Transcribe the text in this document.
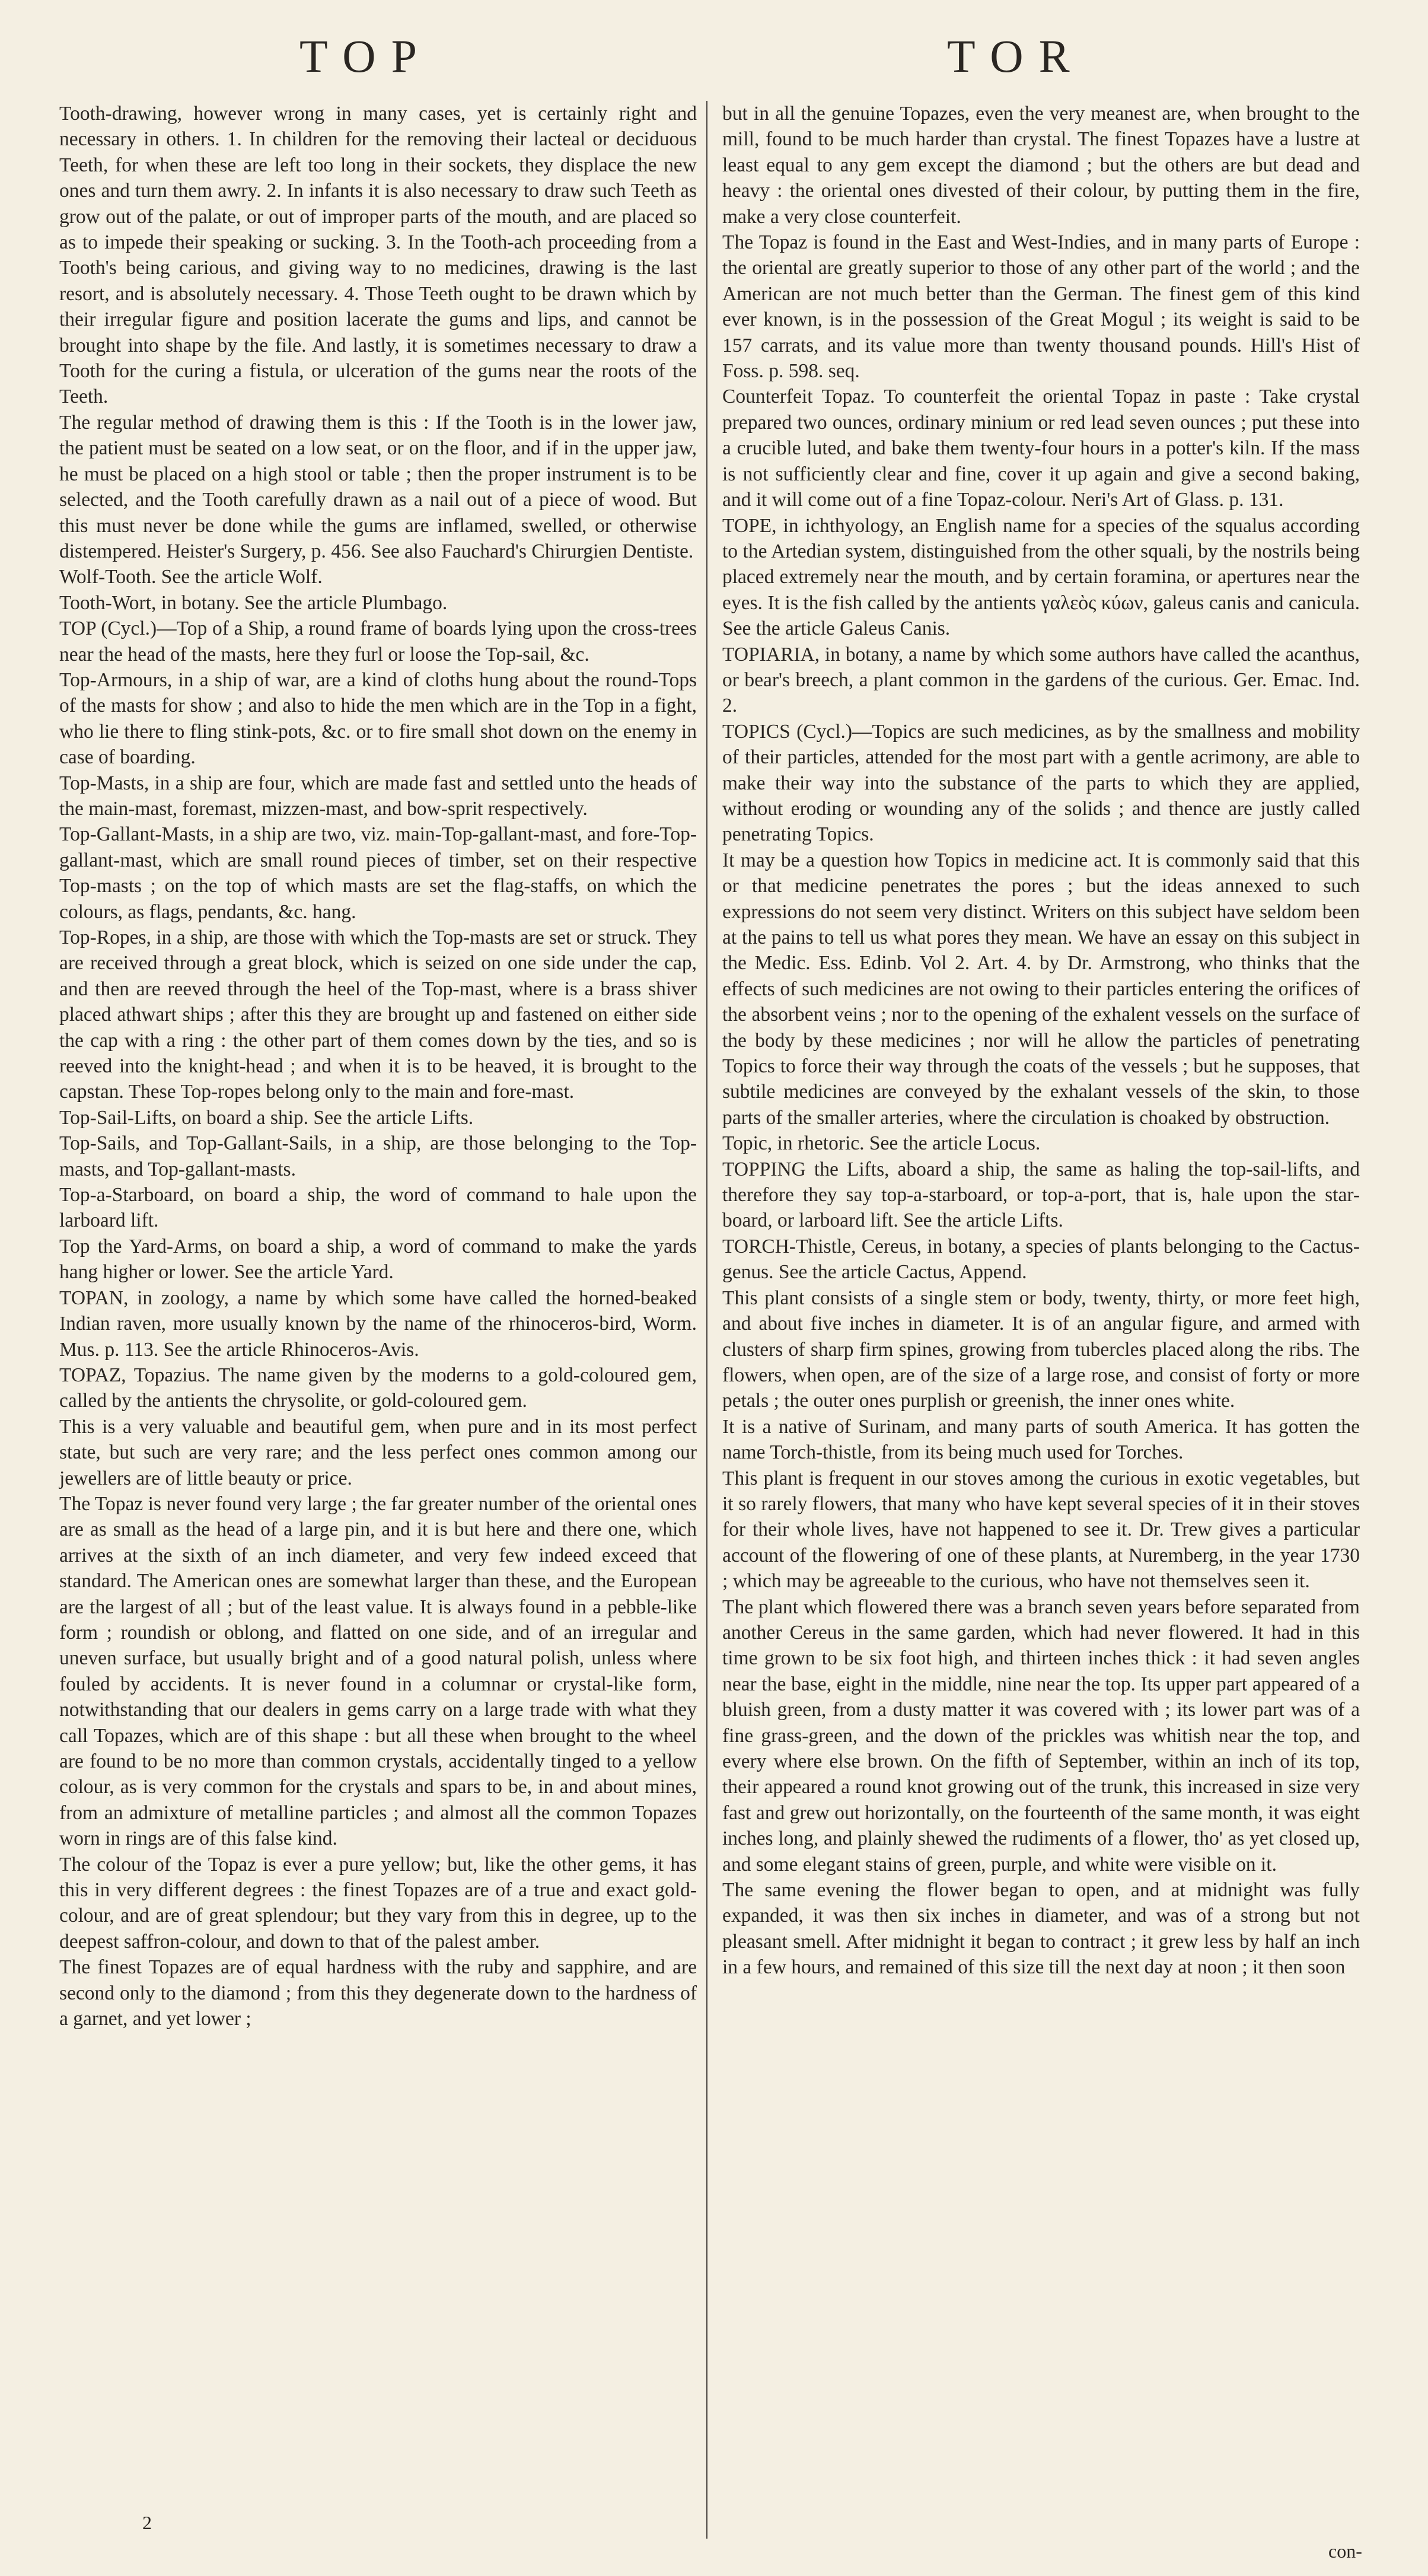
TOP	TOR

Tooth-drawing, however wrong in many cases, yet is certainly right and necessary in others. 1. In children for the removing their lacteal or deciduous Teeth, for when these are left too long in their sockets, they displace the new ones and turn them awry. 2. In infants it is also necessary to draw such Teeth as grow out of the palate, or out of improper parts of the mouth, and are placed so as to impede their speaking or sucking. 3. In the Tooth-ach proceeding from a Tooth's being carious, and giving way to no medicines, drawing is the last resort, and is absolutely necessary. 4. Those Teeth ought to be drawn which by their irregular figure and position lacerate the gums and lips, and cannot be brought into shape by the file. And lastly, it is sometimes necessary to draw a Tooth for the curing a fistula, or ulceration of the gums near the roots of the Teeth.

The regular method of drawing them is this : If the Tooth is in the lower jaw, the patient must be seated on a low seat, or on the floor, and if in the upper jaw, he must be placed on a high stool or table ; then the proper instrument is to be selected, and the Tooth carefully drawn as a nail out of a piece of wood. But this must never be done while the gums are inflamed, swelled, or otherwise distempered. Heister's Surgery, p. 456. See also Fauchard's Chirurgien Dentiste.

Wolf-Tooth. See the article Wolf.

Tooth-Wort, in botany. See the article Plumbago.

TOP (Cycl.)—Top of a Ship, a round frame of boards lying upon the cross-trees near the head of the masts, here they furl or loose the Top-sail, &c.

Top-Armours, in a ship of war, are a kind of cloths hung about the round-Tops of the masts for show ; and also to hide the men which are in the Top in a fight, who lie there to fling stink-pots, &c. or to fire small shot down on the enemy in case of boarding.

Top-Masts, in a ship are four, which are made fast and settled unto the heads of the main-mast, foremast, mizzen-mast, and bow-sprit respectively.

Top-Gallant-Masts, in a ship are two, viz. main-Top-gallant-mast, and fore-Top-gallant-mast, which are small round pieces of timber, set on their respective Top-masts ; on the top of which masts are set the flag-staffs, on which the colours, as flags, pendants, &c. hang.

Top-Ropes, in a ship, are those with which the Top-masts are set or struck. They are received through a great block, which is seized on one side under the cap, and then are reeved through the heel of the Top-mast, where is a brass shiver placed athwart ships ; after this they are brought up and fastened on either side the cap with a ring : the other part of them comes down by the ties, and so is reeved into the knight-head ; and when it is to be heaved, it is brought to the capstan. These Top-ropes belong only to the main and fore-mast.

Top-Sail-Lifts, on board a ship. See the article Lifts.

Top-Sails, and Top-Gallant-Sails, in a ship, are those belonging to the Top-masts, and Top-gallant-masts.

Top-a-Starboard, on board a ship, the word of command to hale upon the larboard lift.

Top the Yard-Arms, on board a ship, a word of command to make the yards hang higher or lower. See the article Yard.

TOPAN, in zoology, a name by which some have called the horned-beaked Indian raven, more usually known by the name of the rhinoceros-bird, Worm. Mus. p. 113. See the article Rhinoceros-Avis.

TOPAZ, Topazius. The name given by the moderns to a gold-coloured gem, called by the antients the chrysolite, or gold-coloured gem.

This is a very valuable and beautiful gem, when pure and in its most perfect state, but such are very rare; and the less perfect ones common among our jewellers are of little beauty or price.

The Topaz is never found very large ; the far greater number of the oriental ones are as small as the head of a large pin, and it is but here and there one, which arrives at the sixth of an inch diameter, and very few indeed exceed that standard. The American ones are somewhat larger than these, and the European are the largest of all ; but of the least value. It is always found in a pebble-like form ; roundish or oblong, and flatted on one side, and of an irregular and uneven surface, but usually bright and of a good natural polish, unless where fouled by accidents. It is never found in a columnar or crystal-like form, notwithstanding that our dealers in gems carry on a large trade with what they call Topazes, which are of this shape : but all these when brought to the wheel are found to be no more than common crystals, accidentally tinged to a yellow colour, as is very common for the crystals and spars to be, in and about mines, from an admixture of metalline particles ; and almost all the common Topazes worn in rings are of this false kind.

The colour of the Topaz is ever a pure yellow; but, like the other gems, it has this in very different degrees : the finest Topazes are of a true and exact gold-colour, and are of great splendour; but they vary from this in degree, up to the deepest saffron-colour, and down to that of the palest amber.

The finest Topazes are of equal hardness with the ruby and sapphire, and are second only to the diamond ; from this they degenerate down to the hardness of a garnet, and yet lower ;

but in all the genuine Topazes, even the very meanest are, when brought to the mill, found to be much harder than crystal. The finest Topazes have a lustre at least equal to any gem except the diamond ; but the others are but dead and heavy : the oriental ones divested of their colour, by putting them in the fire, make a very close counterfeit.

The Topaz is found in the East and West-Indies, and in many parts of Europe : the oriental are greatly superior to those of any other part of the world ; and the American are not much better than the German. The finest gem of this kind ever known, is in the possession of the Great Mogul ; its weight is said to be 157 carrats, and its value more than twenty thousand pounds. Hill's Hist of Foss. p. 598. seq.

Counterfeit Topaz. To counterfeit the oriental Topaz in paste : Take crystal prepared two ounces, ordinary minium or red lead seven ounces ; put these into a crucible luted, and bake them twenty-four hours in a potter's kiln. If the mass is not sufficiently clear and fine, cover it up again and give a second baking, and it will come out of a fine Topaz-colour. Neri's Art of Glass. p. 131.

TOPE, in ichthyology, an English name for a species of the squalus according to the Artedian system, distinguished from the other squali, by the nostrils being placed extremely near the mouth, and by certain foramina, or apertures near the eyes. It is the fish called by the antients γαλεὸς κύων, galeus canis and canicula. See the article Galeus Canis.

TOPIARIA, in botany, a name by which some authors have called the acanthus, or bear's breech, a plant common in the gardens of the curious. Ger. Emac. Ind. 2.

TOPICS (Cycl.)—Topics are such medicines, as by the smallness and mobility of their particles, attended for the most part with a gentle acrimony, are able to make their way into the substance of the parts to which they are applied, without eroding or wounding any of the solids ; and thence are justly called penetrating Topics.

It may be a question how Topics in medicine act. It is commonly said that this or that medicine penetrates the pores ; but the ideas annexed to such expressions do not seem very distinct. Writers on this subject have seldom been at the pains to tell us what pores they mean. We have an essay on this subject in the Medic. Ess. Edinb. Vol 2. Art. 4. by Dr. Armstrong, who thinks that the effects of such medicines are not owing to their particles entering the orifices of the absorbent veins ; nor to the opening of the exhalent vessels on the surface of the body by these medicines ; nor will he allow the particles of penetrating Topics to force their way through the coats of the vessels ; but he supposes, that subtile medicines are conveyed by the exhalant vessels of the skin, to those parts of the smaller arteries, where the circulation is choaked by obstruction.

Topic, in rhetoric. See the article Locus.

TOPPING the Lifts, aboard a ship, the same as haling the top-sail-lifts, and therefore they say top-a-starboard, or top-a-port, that is, hale upon the star-board, or larboard lift. See the article Lifts.

TORCH-Thistle, Cereus, in botany, a species of plants belonging to the Cactus-genus. See the article Cactus, Append.

This plant consists of a single stem or body, twenty, thirty, or more feet high, and about five inches in diameter. It is of an angular figure, and armed with clusters of sharp firm spines, growing from tubercles placed along the ribs. The flowers, when open, are of the size of a large rose, and consist of forty or more petals ; the outer ones purplish or greenish, the inner ones white.

It is a native of Surinam, and many parts of south America. It has gotten the name Torch-thistle, from its being much used for Torches.

This plant is frequent in our stoves among the curious in exotic vegetables, but it so rarely flowers, that many who have kept several species of it in their stoves for their whole lives, have not happened to see it. Dr. Trew gives a particular account of the flowering of one of these plants, at Nuremberg, in the year 1730 ; which may be agreeable to the curious, who have not themselves seen it.

The plant which flowered there was a branch seven years before separated from another Cereus in the same garden, which had never flowered. It had in this time grown to be six foot high, and thirteen inches thick : it had seven angles near the base, eight in the middle, nine near the top. Its upper part appeared of a bluish green, from a dusty matter it was covered with ; its lower part was of a fine grass-green, and the down of the prickles was whitish near the top, and every where else brown. On the fifth of September, within an inch of its top, their appeared a round knot growing out of the trunk, this increased in size very fast and grew out horizontally, on the fourteenth of the same month, it was eight inches long, and plainly shewed the rudiments of a flower, tho' as yet closed up, and some elegant stains of green, purple, and white were visible on it.

The same evening the flower began to open, and at midnight was fully expanded, it was then six inches in diameter, and was of a strong but not pleasant smell. After midnight it began to contract ; it grew less by half an inch in a few hours, and remained of this size till the next day at noon ; it then soon

2
con-
